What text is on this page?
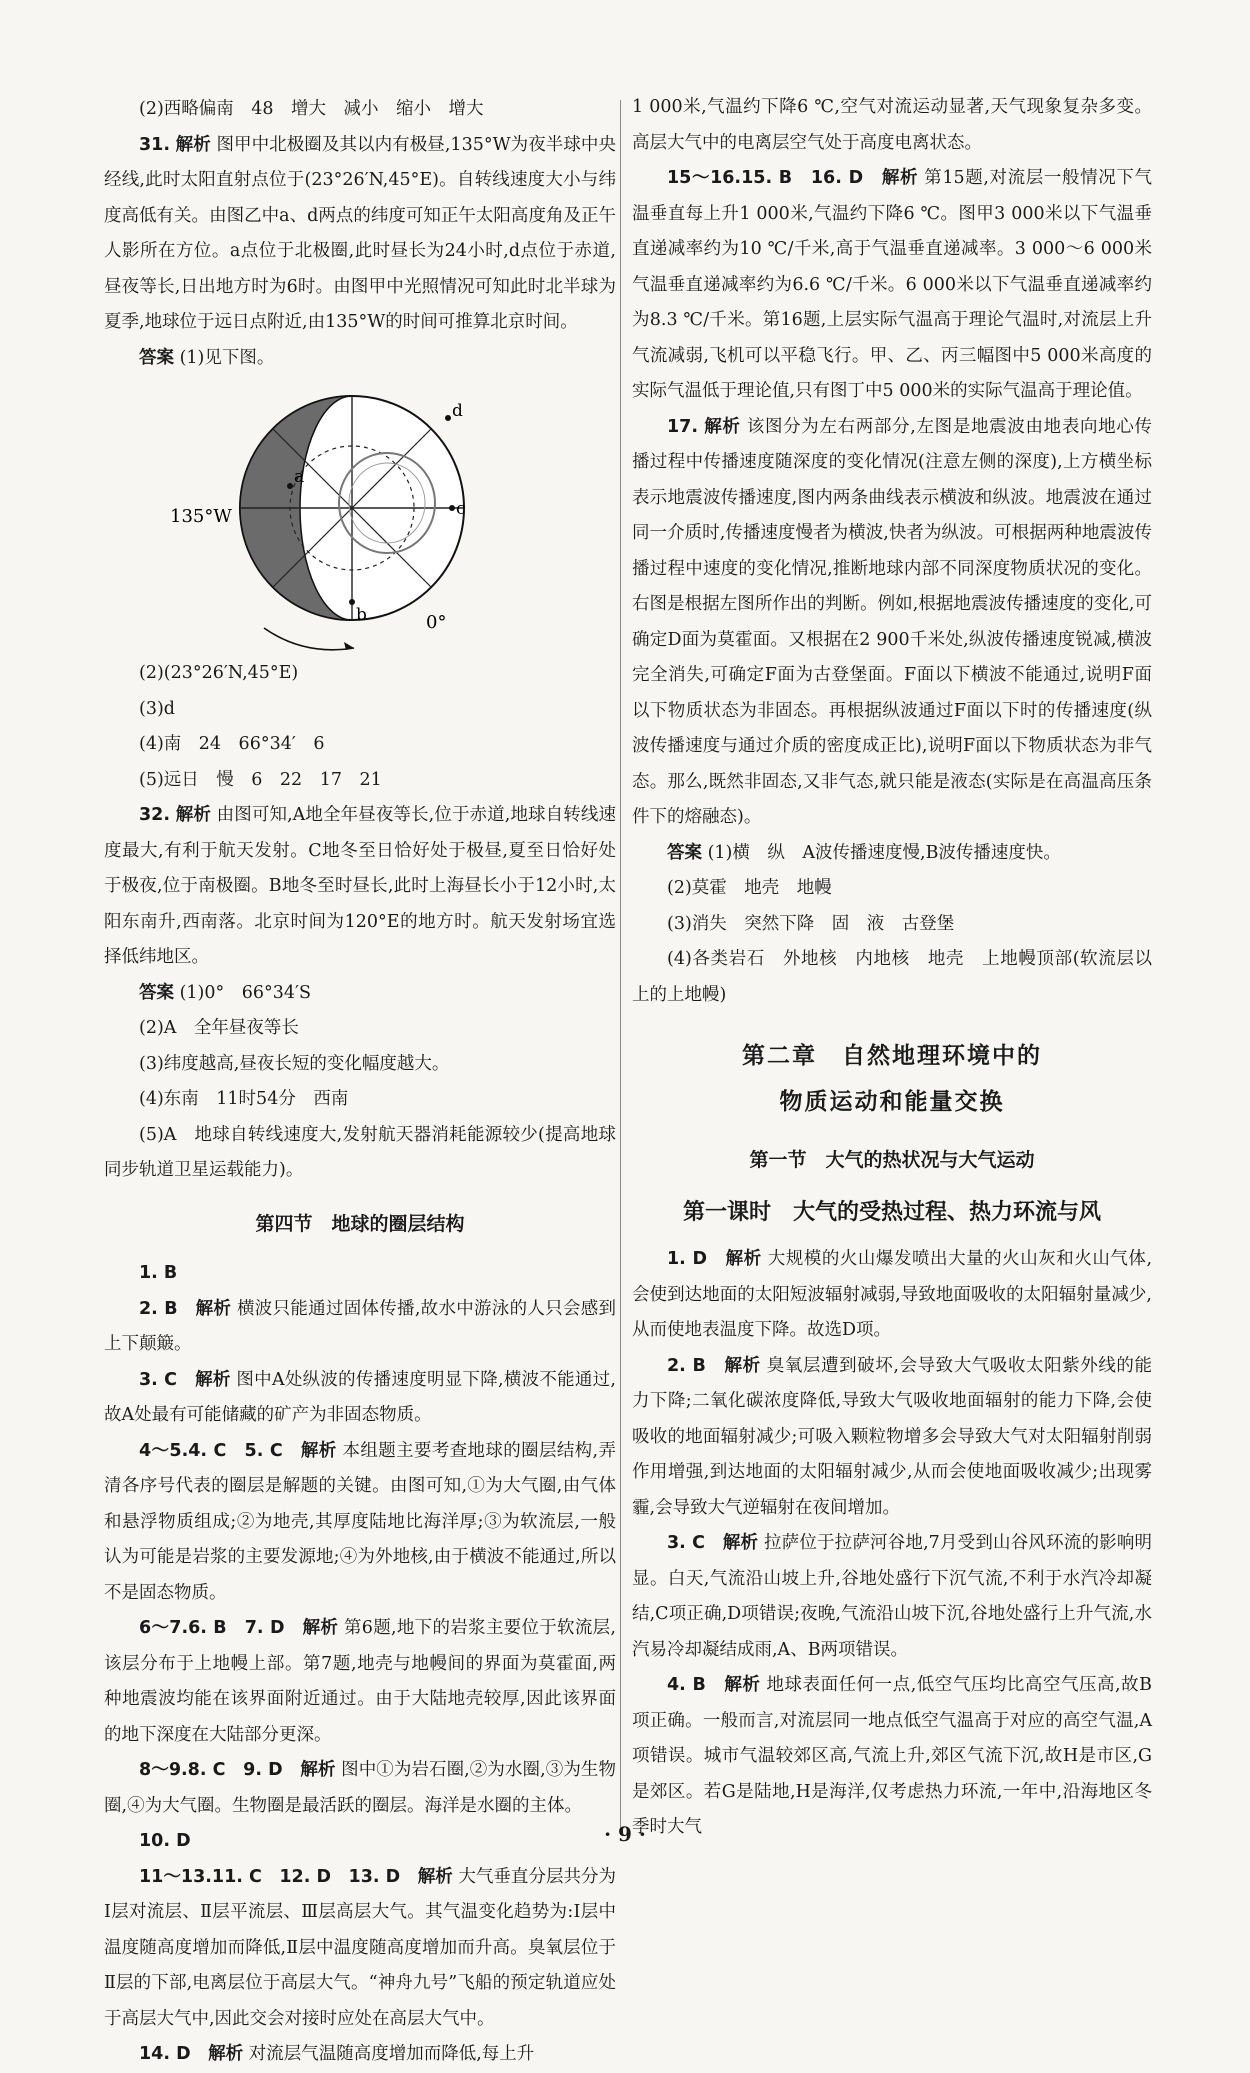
(2)西略偏南　48　增大　减小　缩小　增大

31. 解析 图甲中北极圈及其以内有极昼,135°W为夜半球中央经线,此时太阳直射点位于(23°26′N,45°E)。自转线速度大小与纬度高低有关。由图乙中a、d两点的纬度可知正午太阳高度角及正午人影所在方位。a点位于北极圈,此时昼长为24小时,d点位于赤道,昼夜等长,日出地方时为6时。由图甲中光照情况可知此时北半球为夏季,地球位于远日点附近,由135°W的时间可推算北京时间。

答案 (1)见下图。

d
c
a
b
135°W
0°

(2)(23°26′N,45°E)

(3)d

(4)南　24　66°34′　6

(5)远日　慢　6　22　17　21

32. 解析 由图可知,A地全年昼夜等长,位于赤道,地球自转线速度最大,有利于航天发射。C地冬至日恰好处于极昼,夏至日恰好处于极夜,位于南极圈。B地冬至时昼长,此时上海昼长小于12小时,太阳东南升,西南落。北京时间为120°E的地方时。航天发射场宜选择低纬地区。

答案 (1)0°　66°34′S

(2)A　全年昼夜等长

(3)纬度越高,昼夜长短的变化幅度越大。

(4)东南　11时54分　西南

(5)A　地球自转线速度大,发射航天器消耗能源较少(提高地球同步轨道卫星运载能力)。

第四节　地球的圈层结构

1. B

2. B　 解析 横波只能通过固体传播,故水中游泳的人只会感到上下颠簸。

3. C　 解析 图中A处纵波的传播速度明显下降,横波不能通过,故A处最有可能储藏的矿产为非固态物质。

4～5.4. C　5. C　 解析 本组题主要考查地球的圈层结构,弄清各序号代表的圈层是解题的关键。由图可知,①为大气圈,由气体和悬浮物质组成;②为地壳,其厚度陆地比海洋厚;③为软流层,一般认为可能是岩浆的主要发源地;④为外地核,由于横波不能通过,所以不是固态物质。

6～7.6. B　7. D　 解析 第6题,地下的岩浆主要位于软流层,该层分布于上地幔上部。第7题,地壳与地幔间的界面为莫霍面,两种地震波均能在该界面附近通过。由于大陆地壳较厚,因此该界面的地下深度在大陆部分更深。

8～9.8. C　9. D　 解析 图中①为岩石圈,②为水圈,③为生物圈,④为大气圈。生物圈是最活跃的圈层。海洋是水圈的主体。

10. D

11～13.11. C　12. D　13. D　 解析 大气垂直分层共分为Ⅰ层对流层、Ⅱ层平流层、Ⅲ层高层大气。其气温变化趋势为:Ⅰ层中温度随高度增加而降低,Ⅱ层中温度随高度增加而升高。臭氧层位于Ⅱ层的下部,电离层位于高层大气。“神舟九号”飞船的预定轨道应处于高层大气中,因此交会对接时应处在高层大气中。

14. D　 解析 对流层气温随高度增加而降低,每上升

1 000米,气温约下降6 ℃,空气对流运动显著,天气现象复杂多变。高层大气中的电离层空气处于高度电离状态。

15～16.15. B　16. D　 解析 第15题,对流层一般情况下气温垂直每上升1 000米,气温约下降6 ℃。图甲3 000米以下气温垂直递减率约为10 ℃/千米,高于气温垂直递减率。3 000～6 000米气温垂直递减率约为6.6 ℃/千米。6 000米以下气温垂直递减率约为8.3 ℃/千米。第16题,上层实际气温高于理论气温时,对流层上升气流减弱,飞机可以平稳飞行。甲、乙、丙三幅图中5 000米高度的实际气温低于理论值,只有图丁中5 000米的实际气温高于理论值。

17. 解析 该图分为左右两部分,左图是地震波由地表向地心传播过程中传播速度随深度的变化情况(注意左侧的深度),上方横坐标表示地震波传播速度,图内两条曲线表示横波和纵波。地震波在通过同一介质时,传播速度慢者为横波,快者为纵波。可根据两种地震波传播过程中速度的变化情况,推断地球内部不同深度物质状况的变化。右图是根据左图所作出的判断。例如,根据地震波传播速度的变化,可确定D面为莫霍面。又根据在2 900千米处,纵波传播速度锐减,横波完全消失,可确定F面为古登堡面。F面以下横波不能通过,说明F面以下物质状态为非固态。再根据纵波通过F面以下时的传播速度(纵波传播速度与通过介质的密度成正比),说明F面以下物质状态为非气态。那么,既然非固态,又非气态,就只能是液态(实际是在高温高压条件下的熔融态)。

答案 (1)横　纵　A波传播速度慢,B波传播速度快。

(2)莫霍　地壳　地幔

(3)消失　突然下降　固　液　古登堡

(4)各类岩石　外地核　内地核　地壳　上地幔顶部(软流层以上的上地幔)

第二章　自然地理环境中的
物质运动和能量交换
第一节　大气的热状况与大气运动
第一课时　大气的受热过程、热力环流与风

1. D　 解析 大规模的火山爆发喷出大量的火山灰和火山气体,会使到达地面的太阳短波辐射减弱,导致地面吸收的太阳辐射量减少,从而使地表温度下降。故选D项。

2. B　 解析 臭氧层遭到破坏,会导致大气吸收太阳紫外线的能力下降;二氧化碳浓度降低,导致大气吸收地面辐射的能力下降,会使吸收的地面辐射减少;可吸入颗粒物增多会导致大气对太阳辐射削弱作用增强,到达地面的太阳辐射减少,从而会使地面吸收减少;出现雾霾,会导致大气逆辐射在夜间增加。

3. C　 解析 拉萨位于拉萨河谷地,7月受到山谷风环流的影响明显。白天,气流沿山坡上升,谷地处盛行下沉气流,不利于水汽冷却凝结,C项正确,D项错误;夜晚,气流沿山坡下沉,谷地处盛行上升气流,水汽易冷却凝结成雨,A、B两项错误。

4. B　 解析 地球表面任何一点,低空气压均比高空气压高,故B项正确。一般而言,对流层同一地点低空气温高于对应的高空气温,A项错误。城市气温较郊区高,气流上升,郊区气流下沉,故H是市区,G是郊区。若G是陆地,H是海洋,仅考虑热力环流,一年中,沿海地区冬季时大气

· 9 ·
